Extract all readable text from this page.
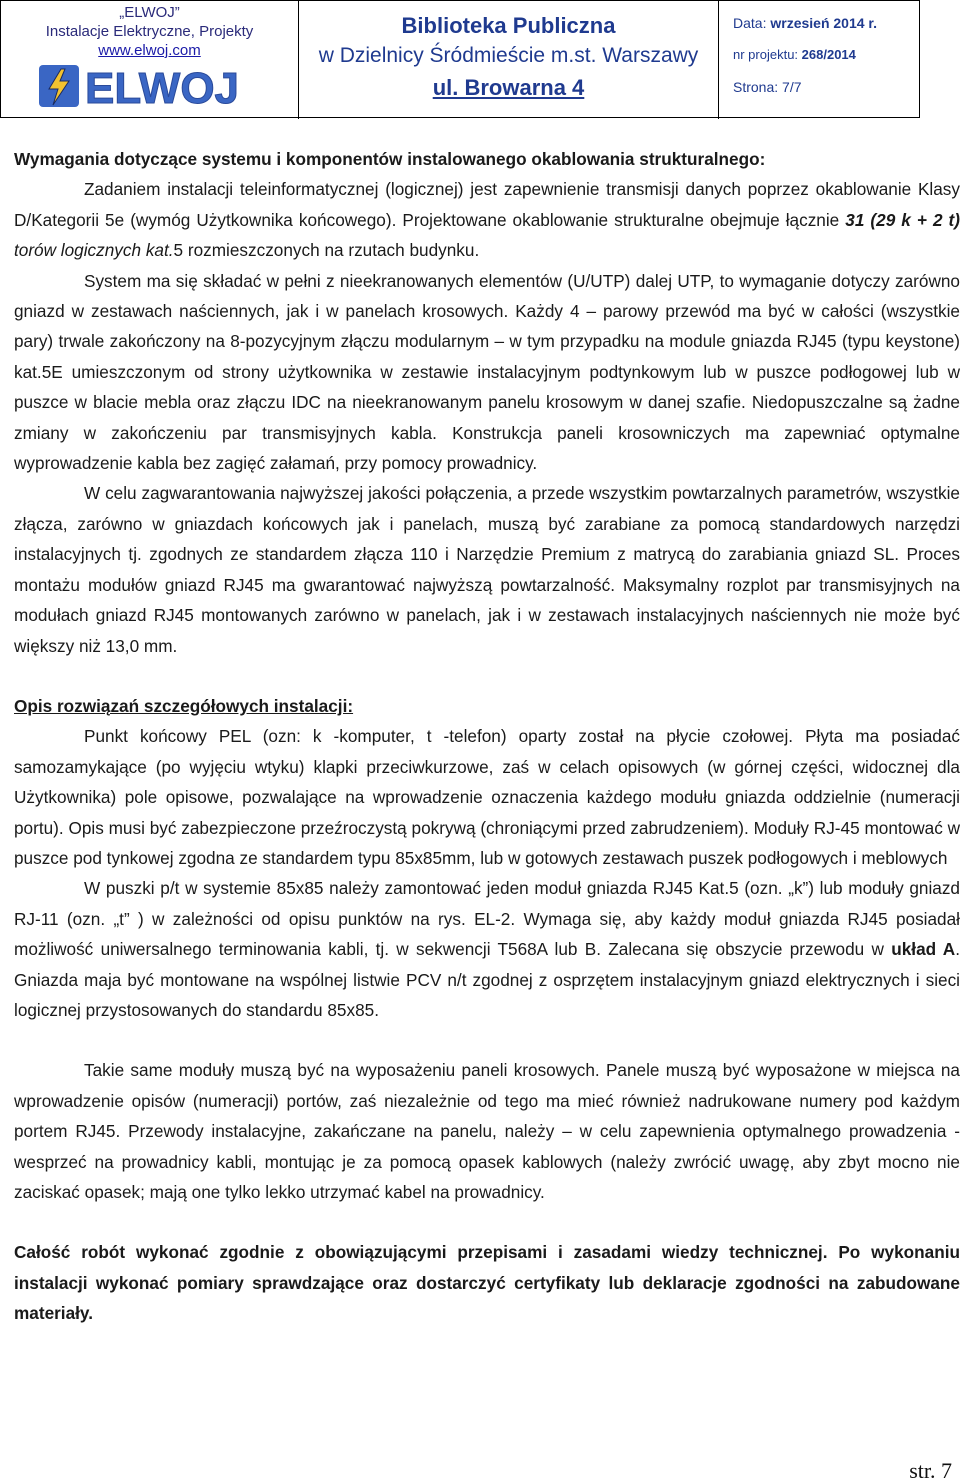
„ELWOJ”
Instalacje Elektryczne, Projekty
www.elwoj.com
ELWOJ
Biblioteka Publiczna
w Dzielnicy Śródmieście m.st. Warszawy
ul. Browarna 4
Data: wrzesień 2014 r.
nr projektu: 268/2014
Strona: 7/7

Wymagania dotyczące systemu i komponentów instalowanego okablowania strukturalnego:

Zadaniem instalacji teleinformatycznej (logicznej) jest zapewnienie transmisji danych poprzez okablowanie Klasy D/Kategorii 5e (wymóg Użytkownika końcowego). Projektowane okablowanie strukturalne obejmuje łącznie 31 (29 k + 2 t) torów logicznych kat.5 rozmieszczonych na rzutach budynku.

System ma się składać w pełni z nieekranowanych elementów (U/UTP) dalej UTP, to wymaganie dotyczy zarówno gniazd w zestawach naściennych, jak i w panelach krosowych. Każdy 4 – parowy przewód ma być w całości (wszystkie pary) trwale zakończony na 8-pozycyjnym złączu modularnym – w tym przypadku na module gniazda RJ45 (typu keystone) kat.5E umieszczonym od strony użytkownika w zestawie instalacyjnym podtynkowym lub w puszce podłogowej lub w puszce w blacie mebla oraz złączu IDC na nieekranowanym panelu krosowym w danej szafie. Niedopuszczalne są żadne zmiany w zakończeniu par transmisyjnych kabla. Konstrukcja paneli krosowniczych ma zapewniać optymalne wyprowadzenie kabla bez zagięć załamań, przy pomocy prowadnicy.

W celu zagwarantowania najwyższej jakości połączenia, a przede wszystkim powtarzalnych parametrów, wszystkie złącza, zarówno w gniazdach końcowych jak i panelach, muszą być zarabiane za pomocą standardowych narzędzi instalacyjnych tj. zgodnych ze standardem złącza 110 i Narzędzie Premium z matrycą do zarabiania gniazd SL. Proces montażu modułów gniazd RJ45 ma gwarantować najwyższą powtarzalność. Maksymalny rozplot par transmisyjnych na modułach gniazd RJ45 montowanych zarówno w panelach, jak i w zestawach instalacyjnych naściennych nie może być większy niż 13,0 mm.

Opis rozwiązań szczegółowych instalacji:

Punkt końcowy PEL (ozn: k -komputer, t -telefon) oparty został na płycie czołowej. Płyta ma posiadać samozamykające (po wyjęciu wtyku) klapki przeciwkurzowe, zaś w celach opisowych (w górnej części, widocznej dla Użytkownika) pole opisowe, pozwalające na wprowadzenie oznaczenia każdego modułu gniazda oddzielnie (numeracji portu). Opis musi być zabezpieczone przeźroczystą pokrywą (chroniącymi przed zabrudzeniem). Moduły RJ-45 montować w puszce pod tynkowej zgodna ze standardem typu 85x85mm, lub w gotowych zestawach puszek podłogowych i meblowych

W puszki p/t w systemie 85x85 należy zamontować jeden moduł gniazda RJ45 Kat.5 (ozn. „k”) lub moduły gniazd RJ-11 (ozn. „t” ) w zależności od opisu punktów na rys. EL-2. Wymaga się, aby każdy moduł gniazda RJ45 posiadał możliwość uniwersalnego terminowania kabli, tj. w sekwencji T568A lub B. Zalecana się obszycie przewodu w układ A. Gniazda maja być montowane na wspólnej listwie PCV n/t zgodnej z osprzętem instalacyjnym gniazd elektrycznych i sieci logicznej przystosowanych do standardu 85x85.

Takie same moduły muszą być na wyposażeniu paneli krosowych. Panele muszą być wyposażone w miejsca na wprowadzenie opisów (numeracji) portów, zaś niezależnie od tego ma mieć również nadrukowane numery pod każdym portem RJ45. Przewody instalacyjne, zakańczane na panelu, należy – w celu zapewnienia optymalnego prowadzenia - wesprzeć na prowadnicy kabli, montując je za pomocą opasek kablowych (należy zwrócić uwagę, aby zbyt mocno nie zaciskać opasek; mają one tylko lekko utrzymać kabel na prowadnicy.

Całość robót wykonać zgodnie z obowiązującymi przepisami i zasadami wiedzy technicznej. Po wykonaniu instalacji wykonać pomiary sprawdzające oraz dostarczyć certyfikaty lub deklaracje zgodności na zabudowane materiały.

str. 7
